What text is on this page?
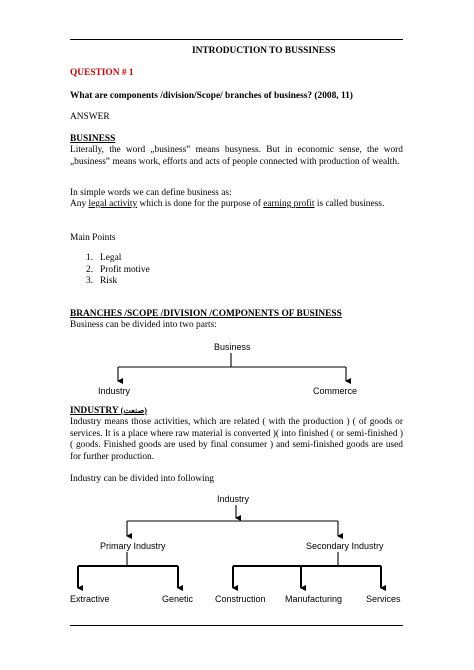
INTRODUCTION TO BUSSINESS
QUESTION # 1
What are components /division/Scope/ branches of business? (2008, 11)
ANSWER
BUSINESS
Literally, the word „business‟ means busyness. But in economic sense, the word „business‟ means work, efforts and acts of people connected with production of wealth.
In simple words we can define business as:
Any legal activity which is done for the purpose of earning profit is called business.
Main Points
1. Legal
2. Profit motive
3. Risk
BRANCHES /SCOPE /DIVISION /COMPONENTS OF BUSINESS
Business can be divided into two parts:
Business
Industry	Commerce
INDUSTRY (صنعت)
Industry means those activities, which are related ( with the production ) ( of goods or services. It is a place where raw material is converted )( into finished ( or semi-finished )( goods. Finished goods are used by final consumer ) and semi-finished goods are used for further production.
Industry can be divided into following
Industry
Primary Industry	Secondary Industry
Extractive	Genetic Construction Manufacturing	Services
